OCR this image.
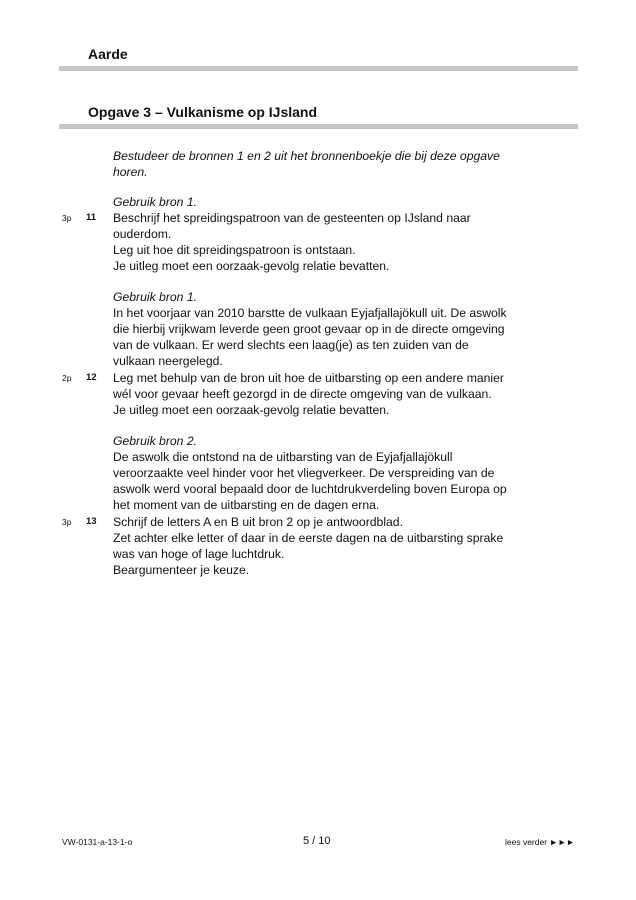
Aarde
Opgave 3 – Vulkanisme op IJsland
Bestudeer de bronnen 1 en 2 uit het bronnenboekje die bij deze opgave
horen.
Gebruik bron 1.
3p 11 Beschrijf het spreidingspatroon van de gesteenten op IJsland naar
ouderdom.
Leg uit hoe dit spreidingspatroon is ontstaan.
Je uitleg moet een oorzaak-gevolg relatie bevatten.
Gebruik bron 1.
In het voorjaar van 2010 barstte de vulkaan Eyjafjallajökull uit. De aswolk
die hierbij vrijkwam leverde geen groot gevaar op in de directe omgeving
van de vulkaan. Er werd slechts een laag(je) as ten zuiden van de
vulkaan neergelegd.
2p 12 Leg met behulp van de bron uit hoe de uitbarsting op een andere manier
wél voor gevaar heeft gezorgd in de directe omgeving van de vulkaan.
Je uitleg moet een oorzaak-gevolg relatie bevatten.
Gebruik bron 2.
De aswolk die ontstond na de uitbarsting van de Eyjafjallajökull
veroorzaakte veel hinder voor het vliegverkeer. De verspreiding van de
aswolk werd vooral bepaald door de luchtdrukverdeling boven Europa op
het moment van de uitbarsting en de dagen erna.
3p 13 Schrijf de letters A en B uit bron 2 op je antwoordblad.
Zet achter elke letter of daar in de eerste dagen na de uitbarsting sprake
was van hoge of lage luchtdruk.
Beargumenteer je keuze.
VW-0131-a-13-1-o	5 / 10	lees verder ►►►
